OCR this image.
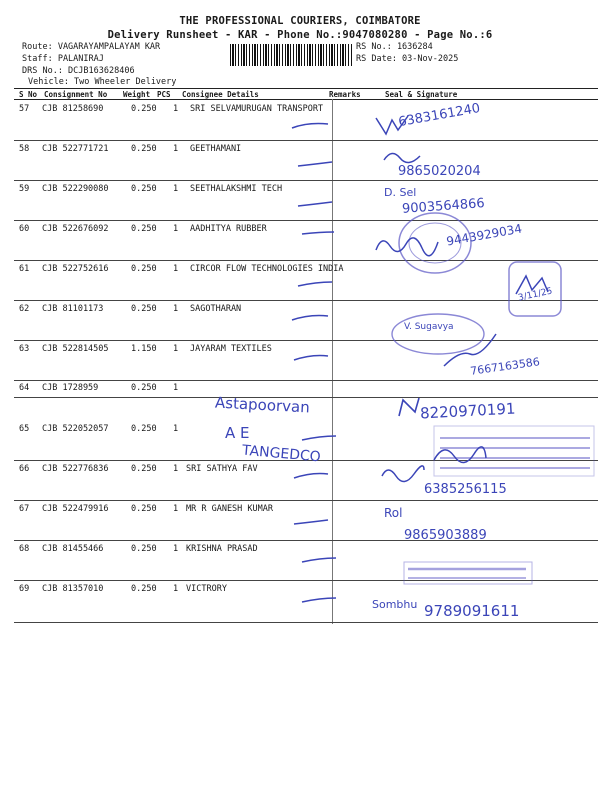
THE PROFESSIONAL COURIERS, COIMBATORE
Delivery Runsheet - KAR - Phone No.:9047080280 - Page No.:6
Route: VAGARAYAMPALAYAM KAR
Staff: PALANIRAJ
DRS No.: DCJB163628406
Vehicle: Two Wheeler Delivery
RS No.: 1636284
RS Date: 03-Nov-2025
S No Consignment No Weight PCS Consignee Details	Remarks	Seal & Signature
57 CJB 81258690	0.250 1 SRI SELVAMURUGAN TRANSPORT
58 CJB 522771721	0.250 1 GEETHAMANI
59 CJB 522290080	0.250 1 SEETHALAKSHMI TECH
60 CJB 522676092	0.250 1 AADHITYA RUBBER
61 CJB 522752616	0.250 1 CIRCOR FLOW TECHNOLOGIES INDIA
62 CJB 81101173	0.250 1 SAGOTHARAN
63 CJB 522814505	1.150 1 JAYARAM TEXTILES
64 CJB 1728959	0.250 1
65 CJB 522052057	0.250 1
66 CJB 522776836	0.250 1 SRI SATHYA FAV
67 CJB 522479916	0.250 1 MR R GANESH KUMAR
68 CJB 81455466	0.250 1 KRISHNA PRASAD
69 CJB 81357010	0.250 1 VICTRORY
6383161240
9865020204
D. Sel
9003564866
9443929034
3/11/25
V. Sugavya
7667163586
Astapoorvan	8220970191
A E
TANGEDCO
6385256115
Rol
9865903889
Sombhu 9789091611
